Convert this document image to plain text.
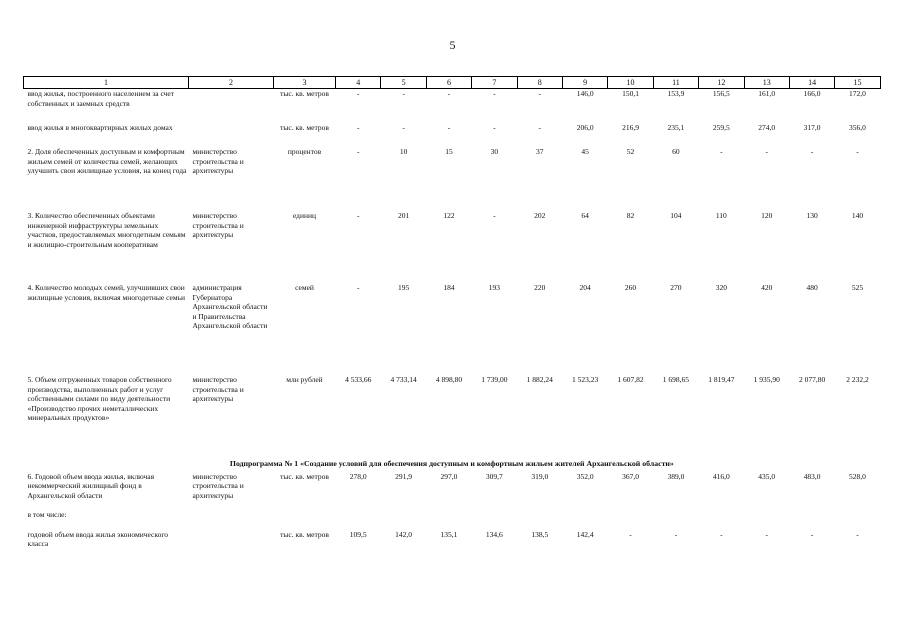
5
1	2	3	4	5	6	7	8	9	10	11	12	13	14	15
ввод жилья, построенного населением за счет собственных и заемных средств		тыс. кв. метров	-	-	-	-	-	146,0	150,1	153,9	156,5	161,0	166,0	172,0
ввод жилья в многоквартирных жилых домах		тыс. кв. метров	-	-	-	-	-	206,0	216,9	235,1	259,5	274,0	317,0	356,0
2. Доля обеспеченных доступным и комфортным жильем семей от количества семей, желающих улучшить свои жилищные условия, на конец года	министерство строительства и архитектуры	процентов	-	10	15	30	37	45	52	60	-	-	-	-
3. Количество обеспеченных объектами инженерной инфраструктуры земельных участков, предоставляемых многодетным семьям и жилищно-строительным кооперативам	министерство строительства и архитектуры	единиц	-	201	122	-	202	64	82	104	110	120	130	140
4. Количество молодых семей, улучшивших свои жилищные условия, включая многодетные семьи	администрация Губернатора Архангельской области и Правительства Архангельской области	семей	-	195	184	193	220	204	260	270	320	420	480	525
5. Объем отгруженных товаров собственного производства, выполненных работ и услуг собственными силами по виду деятельности «Производство прочих неметаллических минеральных продуктов»	министерство строительства и архитектуры	млн рублей	4 533,66	4 733,14	4 898,80	1 739,00	1 882,24	1 523,23	1 607,82	1 698,65	1 819,47	1 935,90	2 077,80	2 232,2
Подпрограмма № 1 «Создание условий для обеспечения доступным и комфортным жильем жителей Архангельской области»														
6. Годовой объем ввода жилья, включая некоммерческий жилищный фонд в Архангельской области	министерство строительства и архитектуры	тыс. кв. метров	278,0	291,9	297,0	309,7	319,0	352,0	367,0	389,0	416,0	435,0	483,0	528,0
в том числе:														
годовой объем ввода жилья экономического класса		тыс. кв. метров	109,5	142,0	135,1	134,6	138,5	142,4	-	-	-	-	-	-
